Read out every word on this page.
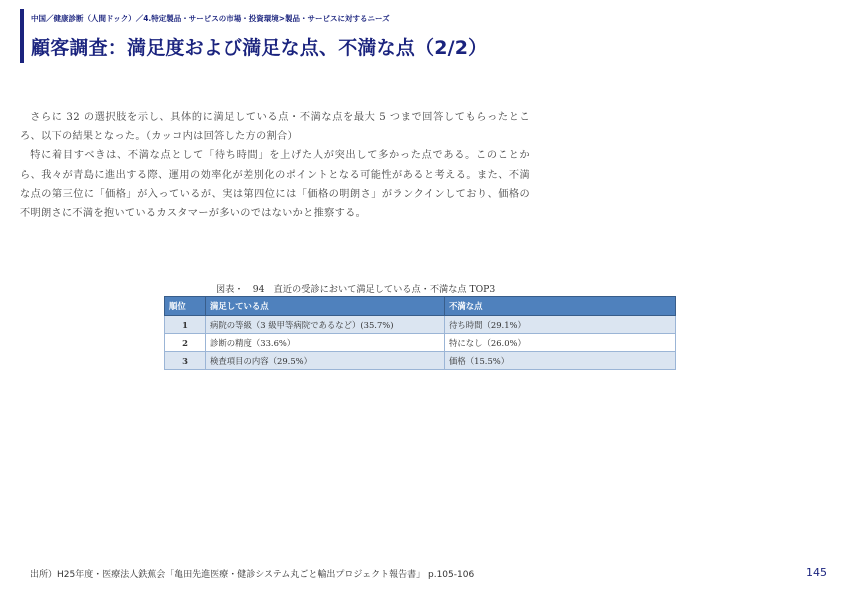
中国／健康診断（人間ドック）／4.特定製品・サービスの市場・投資環境>製品・サービスに対するニーズ
顧客調査：満足度および満足な点、不満な点（2/2）

さらに 32 の選択肢を示し、具体的に満足している点・不満な点を最大 5 つまで回答してもらったところ、以下の結果となった。（カッコ内は回答した方の割合）

特に着目すべきは、不満な点として「待ち時間」を上げた人が突出して多かった点である。このことから、我々が青島に進出する際、運用の効率化が差別化のポイントとなる可能性があると考える。また、不満な点の第三位に「価格」が入っているが、実は第四位には「価格の明朗さ」がランクインしており、価格の不明朗さに不満を抱いているカスタマーが多いのではないかと推察する。

図表・　94　直近の受診において満足している点・不満な点 TOP3
順位	満足している点	不満な点
1	病院の等級（3 級甲等病院であるなど）(35.7%)	待ち時間（29.1%）
2	診断の精度（33.6%）	特になし（26.0%）
3	検査項目の内容（29.5%）	価格（15.5%）
出所）H25年度・医療法人鉄蕉会「亀田先進医療・健診システム丸ごと輸出プロジェクト報告書」 p.105-106	145
